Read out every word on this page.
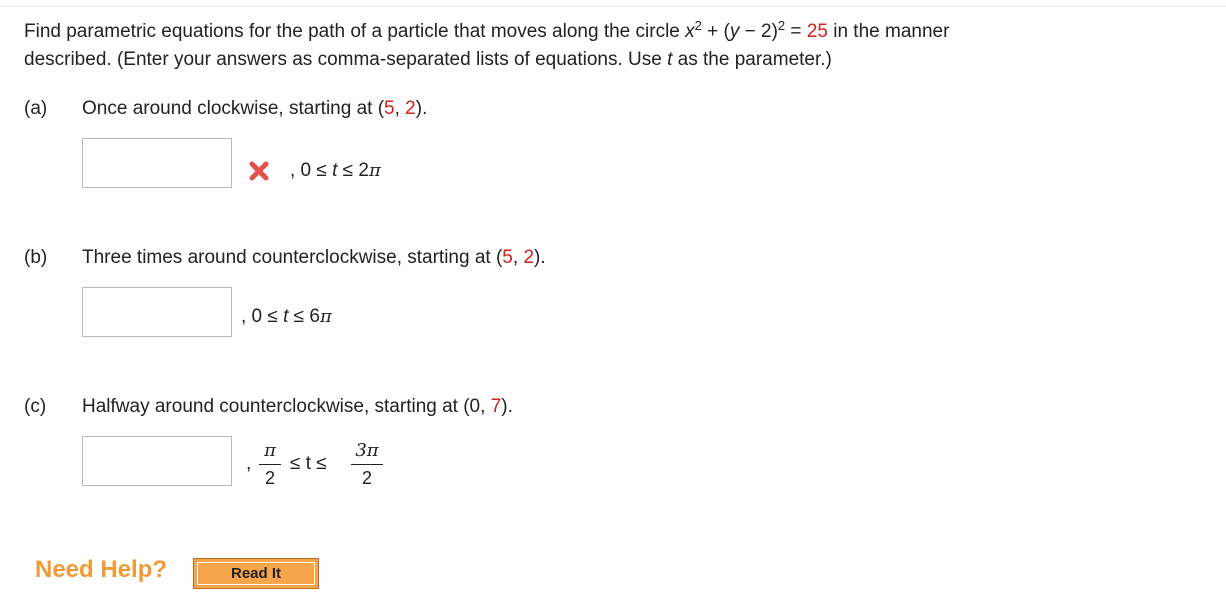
Find parametric equations for the path of a particle that moves along the circle $x^2 + (y - 2)^2 = 25$ in the manner

described. (Enter your answers as comma-separated lists of equations. Use t as the parameter.)

(a) Once around clockwise, starting at (5, 2).
, 0 ≤ t ≤ 2π
(b) Three times around counterclockwise, starting at (5, 2).
, 0 ≤ t ≤ 6π
(c) Halfway around counterclockwise, starting at (0, 7).
,
π
2
≤ t ≤
3π
2
Need Help?	Read It
